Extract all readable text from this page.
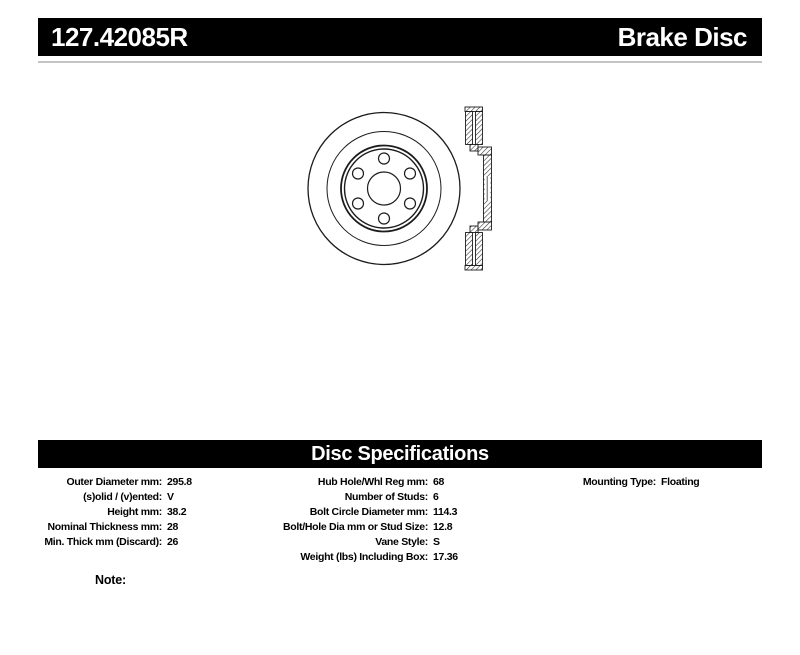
127.42085R	Brake Disc
Disc Specifications
Outer Diameter mm: 295.8
(s)olid / (v)ented: V
Height mm: 38.2
Nominal Thickness mm: 28
Min. Thick mm (Discard): 26
Hub Hole/Whl Reg mm: 68
Number of Studs: 6
Bolt Circle Diameter mm: 114.3
Bolt/Hole Dia mm or Stud Size: 12.8
Vane Style: S
Weight (lbs) Including Box: 17.36
Mounting Type: Floating
Note:
